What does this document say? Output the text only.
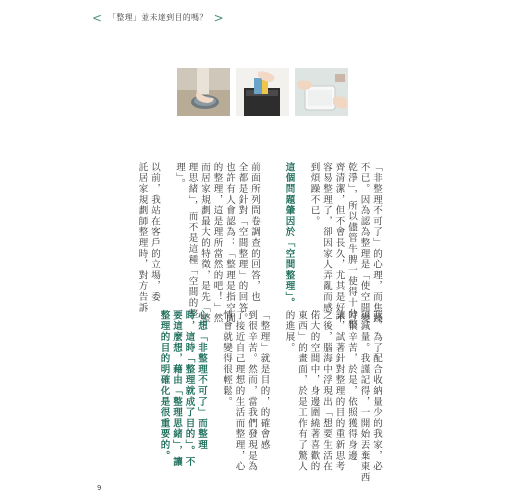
< 「整理」並未達到目的嗎？ >
「非整理不可了」的心理，而焦躁
不已。因為認為整理是「使空間變
乾淨」，所以儘管牛脾一使得十分整
齊清潔，但不會長久，尤其是好不
容易整理了，卻因家人弄亂而感
到煩躁不已。
這個問題肇因於「空間整理」。
前面所列問卷調查的回答，也
全都是針對「空間整理」的回答。
也許有人會認為：「整理是指空間
的整理，這是理所當然的吧！」然
而居家規劃最大的特徵，是先「整
理思緒」，而不是這種「空間的整
理」。
以前，我站在客戶的立場，委
託居家規劃師整理時，對方告訴
我，為了配合收納量少的我家，必
須減量。我謹記得，一開始丟棄東西
時很辛苦，於是，依照獲得身邊
讓，試著針對整理的目的重新思考
之後，腦海中浮現出「想要生活在
偌大的空間中，身邊圍繞著喜歡的
東西」的畫面，於是工作有了驚人
的進展。
「整理」就是目的，的確會感
到很辛苦。然而，當我們發現是為
了接近自己理想的生活而整理，心
情會就變得很輕鬆。
心想「非整理不可了」而整理
時，這時「整理就成了目的」。不
要這麼想，藉由「整理思緒」，讓
整理的目的明確化是很重要的。
9
